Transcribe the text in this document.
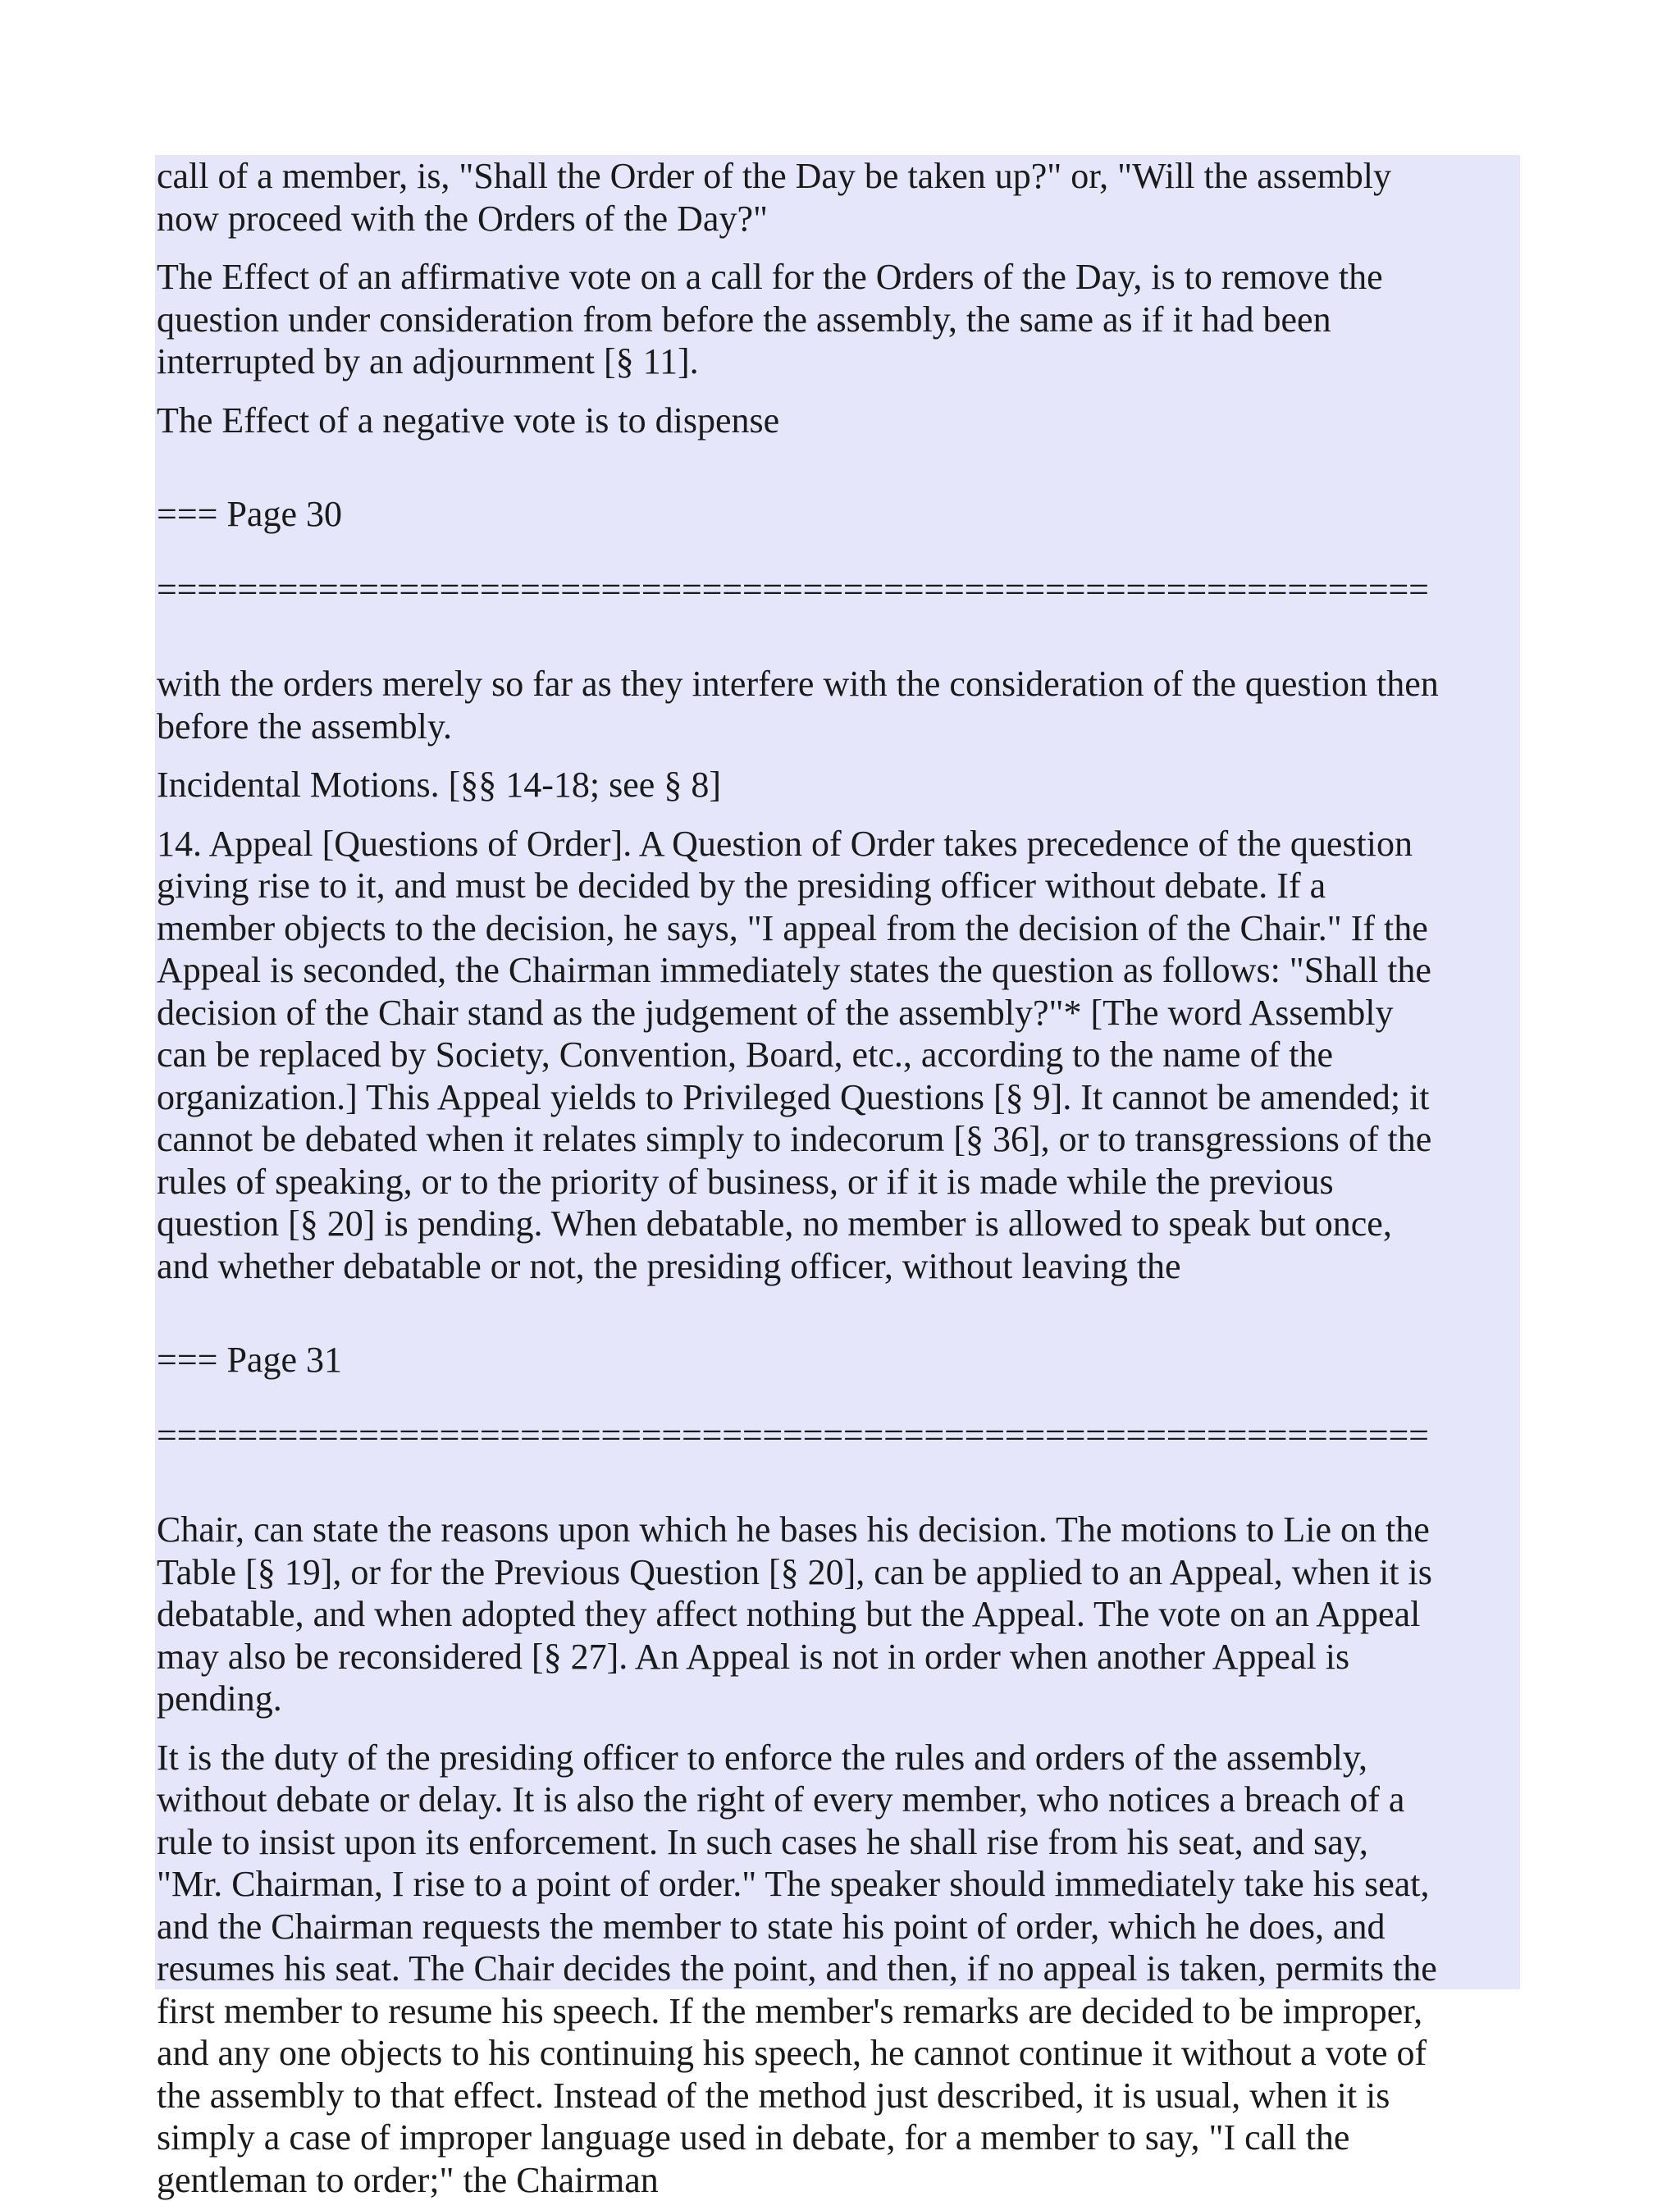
call of a member, is, "Shall the Order of the Day be taken up?" or, "Will the assembly
now proceed with the Orders of the Day?"

The Effect of an affirmative vote on a call for the Orders of the Day, is to remove the
question under consideration from before the assembly, the same as if it had been
interrupted by an adjournment [§ 11].

The Effect of a negative vote is to dispense

=== Page 30

===============================================================

with the orders merely so far as they interfere with the consideration of the question then
before the assembly.

Incidental Motions. [§§ 14-18; see § 8]

14. Appeal [Questions of Order]. A Question of Order takes precedence of the question
giving rise to it, and must be decided by the presiding officer without debate. If a
member objects to the decision, he says, "I appeal from the decision of the Chair." If the
Appeal is seconded, the Chairman immediately states the question as follows: "Shall the
decision of the Chair stand as the judgement of the assembly?"* [The word Assembly
can be replaced by Society, Convention, Board, etc., according to the name of the
organization.] This Appeal yields to Privileged Questions [§ 9]. It cannot be amended; it
cannot be debated when it relates simply to indecorum [§ 36], or to transgressions of the
rules of speaking, or to the priority of business, or if it is made while the previous
question [§ 20] is pending. When debatable, no member is allowed to speak but once,
and whether debatable or not, the presiding officer, without leaving the

=== Page 31

===============================================================

Chair, can state the reasons upon which he bases his decision. The motions to Lie on the
Table [§ 19], or for the Previous Question [§ 20], can be applied to an Appeal, when it is
debatable, and when adopted they affect nothing but the Appeal. The vote on an Appeal
may also be reconsidered [§ 27]. An Appeal is not in order when another Appeal is
pending.

It is the duty of the presiding officer to enforce the rules and orders of the assembly,
without debate or delay. It is also the right of every member, who notices a breach of a
rule to insist upon its enforcement. In such cases he shall rise from his seat, and say,
"Mr. Chairman, I rise to a point of order." The speaker should immediately take his seat,
and the Chairman requests the member to state his point of order, which he does, and
resumes his seat. The Chair decides the point, and then, if no appeal is taken, permits the
first member to resume his speech. If the member's remarks are decided to be improper,
and any one objects to his continuing his speech, he cannot continue it without a vote of
the assembly to that effect. Instead of the method just described, it is usual, when it is
simply a case of improper language used in debate, for a member to say, "I call the
gentleman to order;" the Chairman
